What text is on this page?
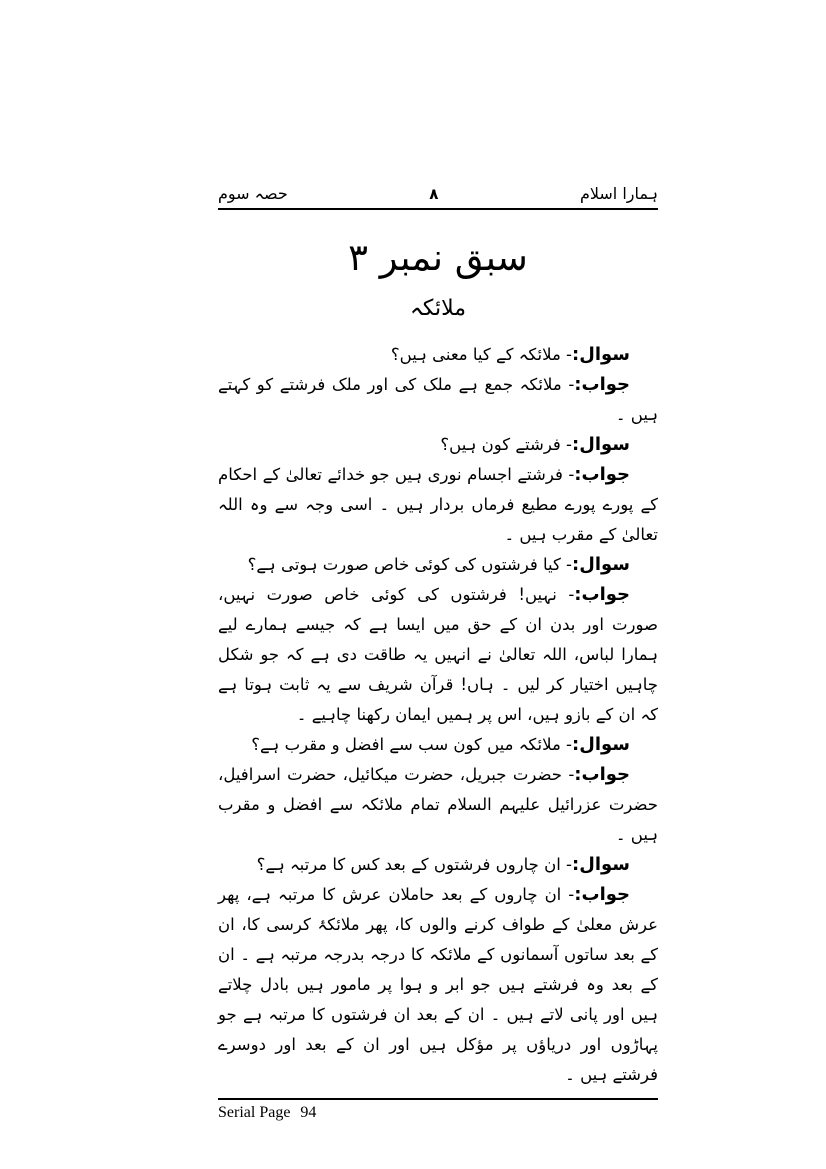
ہمارا اسلام
۸
حصہ سوم
سبق نمبر ۳
ملائکہ

سوال:- ملائکہ کے کیا معنی ہیں؟

جواب:- ملائکہ جمع ہے ملک کی اور ملک فرشتے کو کہتے ہیں ۔

سوال:- فرشتے کون ہیں؟

جواب:- فرشتے اجسام نوری ہیں جو خدائے تعالیٰ کے احکام کے پورے پورے مطیع فرماں بردار ہیں ۔ اسی وجہ سے وہ اللہ تعالیٰ کے مقرب ہیں ۔

سوال:- کیا فرشتوں کی کوئی خاص صورت ہوتی ہے؟

جواب:- نہیں! فرشتوں کی کوئی خاص صورت نہیں، صورت اور بدن ان کے حق میں ایسا ہے کہ جیسے ہمارے لیے ہمارا لباس، اللہ تعالیٰ نے انہیں یہ طاقت دی ہے کہ جو شکل چاہیں اختیار کر لیں ۔ ہاں! قرآن شریف سے یہ ثابت ہوتا ہے کہ ان کے بازو ہیں، اس پر ہمیں ایمان رکھنا چاہیے ۔

سوال:- ملائکہ میں کون سب سے افضل و مقرب ہے؟

جواب:- حضرت جبریل، حضرت میکائیل، حضرت اسرافیل، حضرت عزرائیل علیہم السلام تمام ملائکہ سے افضل و مقرب ہیں ۔

سوال:- ان چاروں فرشتوں کے بعد کس کا مرتبہ ہے؟

جواب:- ان چاروں کے بعد حاملان عرش کا مرتبہ ہے، پھر عرش معلیٰ کے طواف کرنے والوں کا، پھر ملائکۂ کرسی کا، ان کے بعد ساتوں آسمانوں کے ملائکہ کا درجہ بدرجہ مرتبہ ہے ۔ ان کے بعد وہ فرشتے ہیں جو ابر و ہوا پر مامور ہیں بادل چلاتے ہیں اور پانی لاتے ہیں ۔ ان کے بعد ان فرشتوں کا مرتبہ ہے جو پہاڑوں اور دریاؤں پر مؤکل ہیں اور ان کے بعد اور دوسرے فرشتے ہیں ۔

Serial Page 94
